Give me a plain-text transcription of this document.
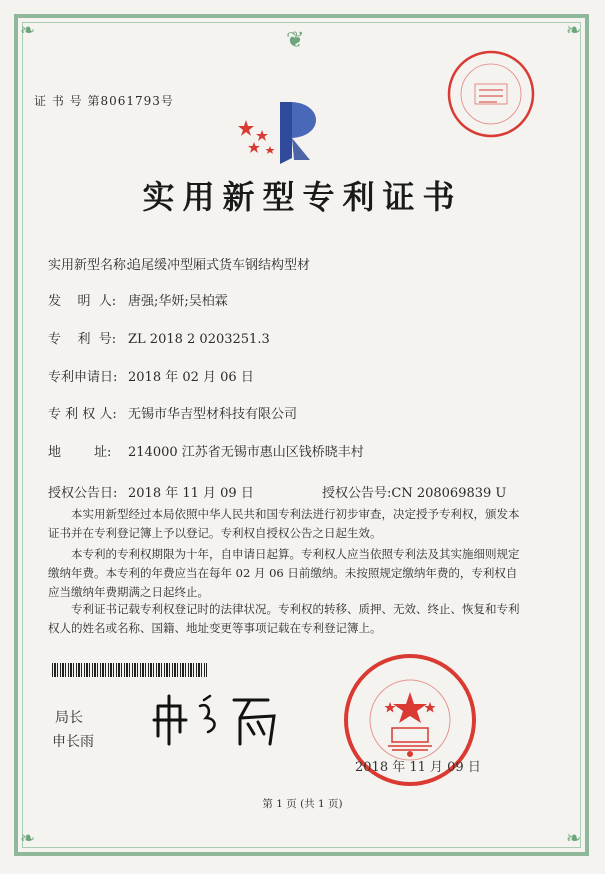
❦
❧	❧
❧	❧
证 书 号 第8061793号
实用新型专利证书
实用新型名称:追尾缓冲型厢式货车钢结构型材
发    明  人: 唐强;华妍;吴柏霖
专    利  号: ZL 2018 2 0203251.3
专利申请日: 2018 年 02 月 06 日
专 利 权 人: 无锡市华吉型材科技有限公司
地        址: 214000 江苏省无锡市惠山区钱桥晓丰村
授权公告日: 2018 年 11 月 09 日	授权公告号:CN 208069839 U
本实用新型经过本局依照中华人民共和国专利法进行初步审查，决定授予专利权，颁发本证书并在专利登记簿上予以登记。专利权自授权公告之日起生效。
本专利的专利权期限为十年，自申请日起算。专利权人应当依照专利法及其实施细则规定缴纳年费。本专利的年费应当在每年 02 月 06 日前缴纳。未按照规定缴纳年费的，专利权自应当缴纳年费期满之日起终止。
专利证书记载专利权登记时的法律状况。专利权的转移、质押、无效、终止、恢复和专利权人的姓名或名称、国籍、地址变更等事项记载在专利登记簿上。
局长
申长雨
2018 年 11 月 09 日
第 1 页 (共 1 页)
